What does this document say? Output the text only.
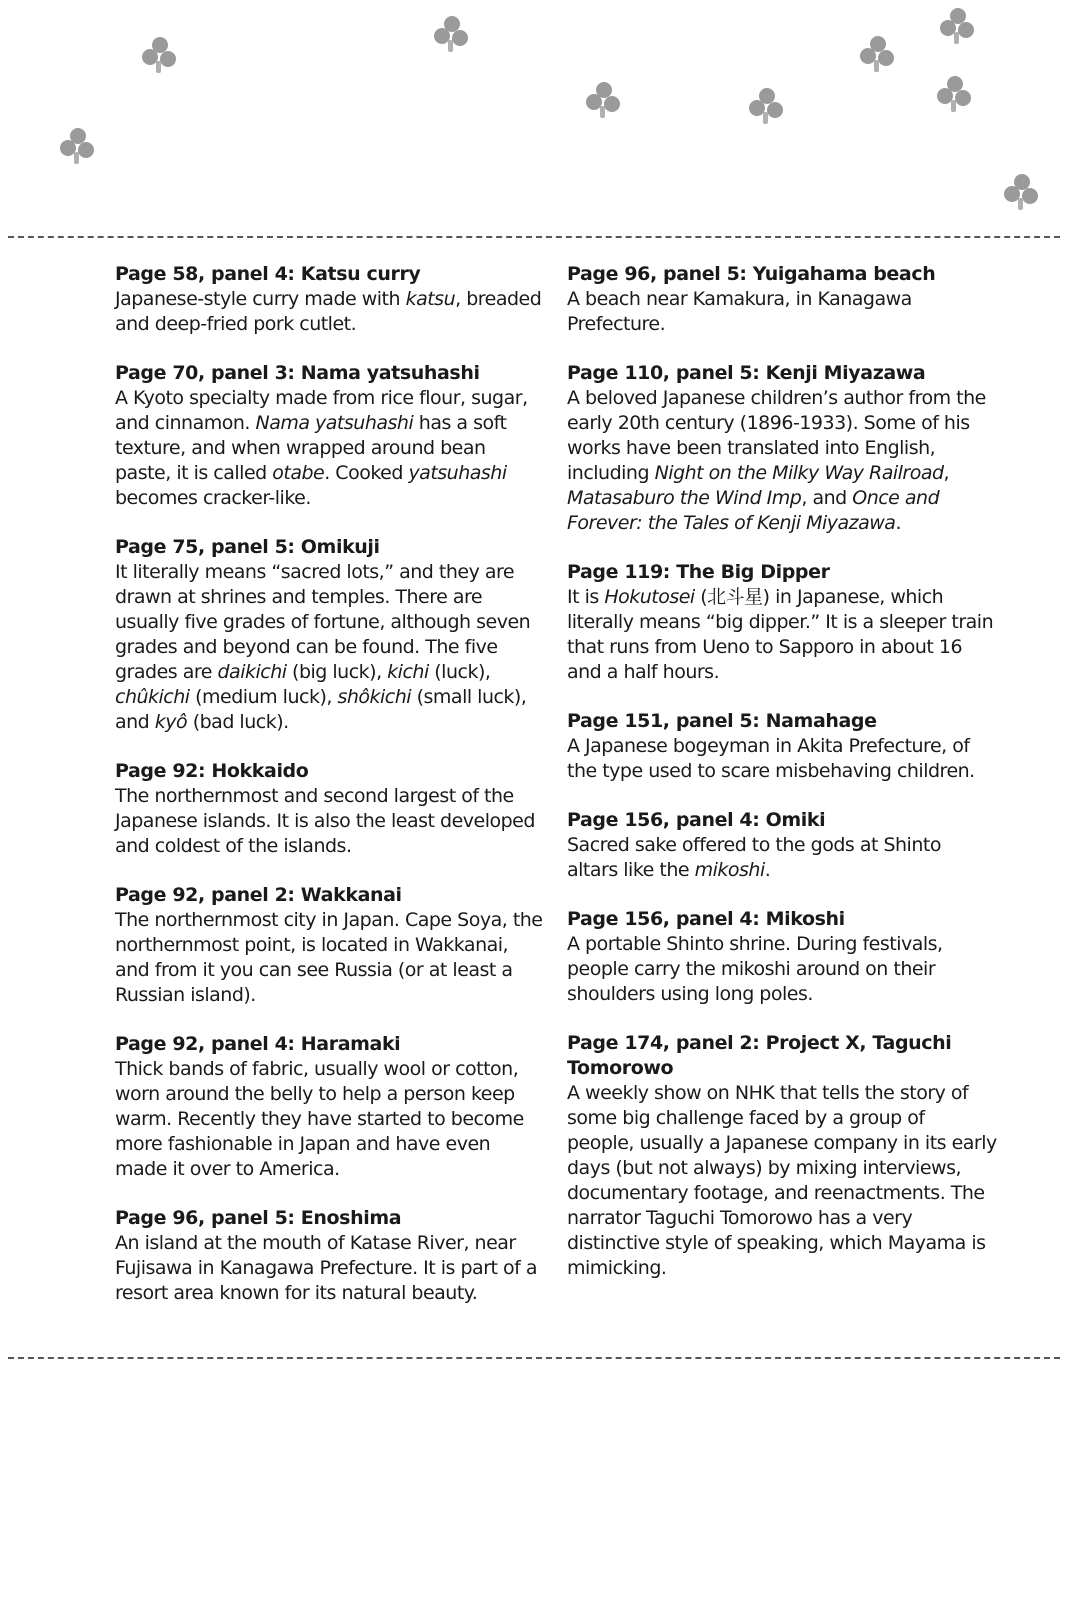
Page 58, panel 4: Katsu curry

Japanese-style curry made with katsu, breaded and deep-fried pork cutlet.

Page 70, panel 3: Nama yatsuhashi

A Kyoto specialty made from rice flour, sugar, and cinnamon. Nama yatsuhashi has a soft texture, and when wrapped around bean paste, it is called otabe. Cooked yatsuhashi becomes cracker-like.

Page 75, panel 5: Omikuji

It literally means “sacred lots,” and they are drawn at shrines and temples. There are usually five grades of fortune, although seven grades and beyond can be found. The five grades are daikichi (big luck), kichi (luck), chûkichi (medium luck), shôkichi (small luck), and kyô (bad luck).

Page 92: Hokkaido

The northernmost and second largest of the Japanese islands. It is also the least developed and coldest of the islands.

Page 92, panel 2: Wakkanai

The northernmost city in Japan. Cape Soya, the northernmost point, is located in Wakkanai, and from it you can see Russia (or at least a Russian island).

Page 92, panel 4: Haramaki

Thick bands of fabric, usually wool or cotton, worn around the belly to help a person keep warm. Recently they have started to become more fashionable in Japan and have even made it over to America.

Page 96, panel 5: Enoshima

An island at the mouth of Katase River, near Fujisawa in Kanagawa Prefecture. It is part of a resort area known for its natural beauty.

Page 96, panel 5: Yuigahama beach

A beach near Kamakura, in Kanagawa Prefecture.

Page 110, panel 5: Kenji Miyazawa

A beloved Japanese children’s author from the early 20th century (1896-1933). Some of his works have been translated into English, including Night on the Milky Way Railroad, Matasaburo the Wind Imp, and Once and Forever: the Tales of Kenji Miyazawa.

Page 119: The Big Dipper

It is Hokutosei (北斗星) in Japanese, which literally means “big dipper.” It is a sleeper train that runs from Ueno to Sapporo in about 16 and a half hours.

Page 151, panel 5: Namahage

A Japanese bogeyman in Akita Prefecture, of the type used to scare misbehaving children.

Page 156, panel 4: Omiki

Sacred sake offered to the gods at Shinto altars like the mikoshi.

Page 156, panel 4: Mikoshi

A portable Shinto shrine. During festivals, people carry the mikoshi around on their shoulders using long poles.

Page 174, panel 2: Project X, Taguchi Tomorowo

A weekly show on NHK that tells the story of some big challenge faced by a group of people, usually a Japanese company in its early days (but not always) by mixing interviews, documentary footage, and reenactments. The narrator Taguchi Tomorowo has a very distinctive style of speaking, which Mayama is mimicking.
